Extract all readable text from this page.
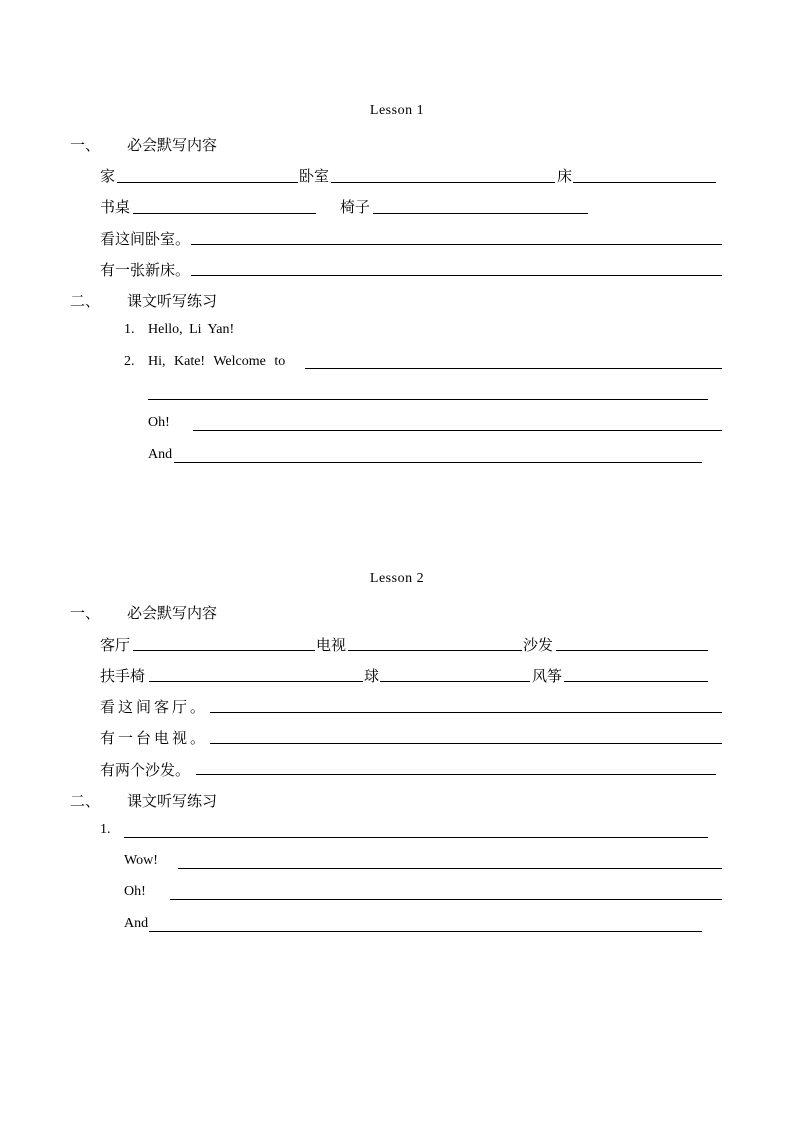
Lesson 1
一、 必会默写内容
家	卧室	床
书桌	椅子
看这间卧室。
有一张新床。
二、 课文听写练习
1. Hello, Li Yan!
2. Hi, Kate! Welcome to
Oh!
And
Lesson 2
一、 必会默写内容
客厅	电视	沙发
扶手椅	球	风筝
看这间客厅。
有一台电视。
有两个沙发。
二、 课文听写练习
1.
Wow!
Oh!
And
